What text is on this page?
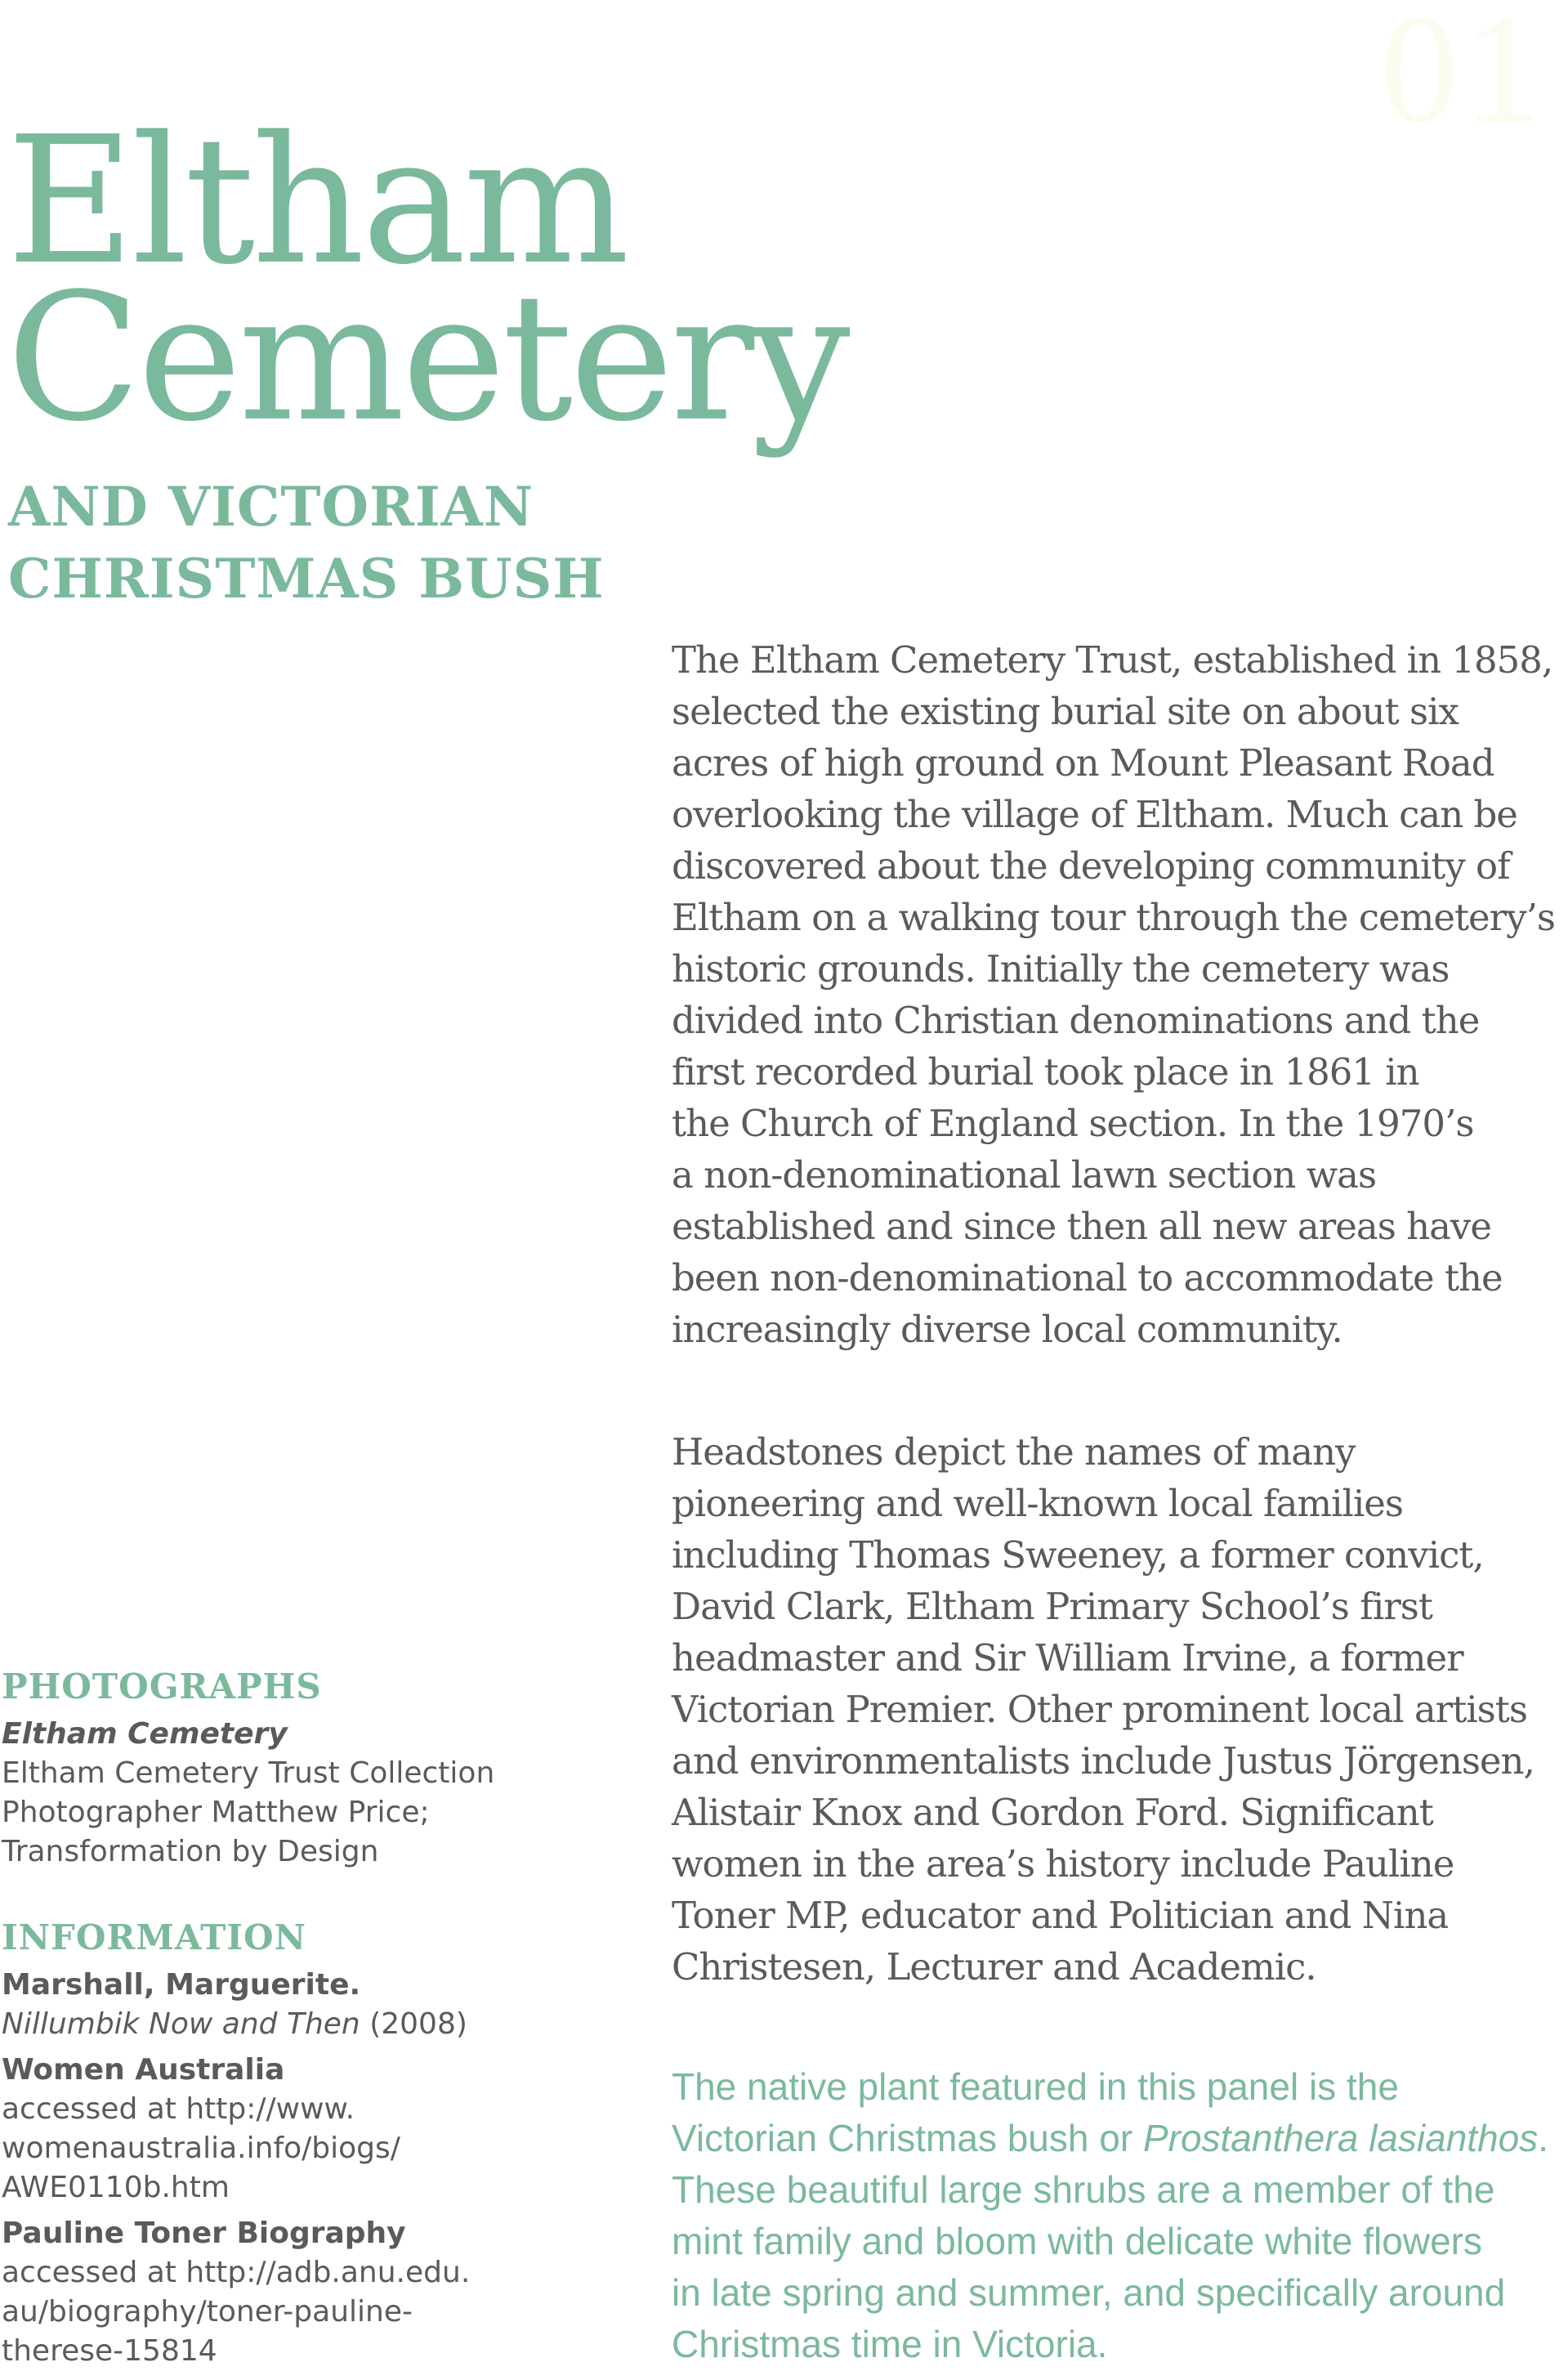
01
Eltham
Cemetery
AND VICTORIAN
CHRISTMAS BUSH

The Eltham Cemetery Trust, established in 1858,
selected the existing burial site on about six
acres of high ground on Mount Pleasant Road
overlooking the village of Eltham. Much can be
discovered about the developing community of
Eltham on a walking tour through the cemetery’s
historic grounds. Initially the cemetery was
divided into Christian denominations and the
first recorded burial took place in 1861 in
the Church of England section. In the 1970’s
a non-denominational lawn section was
established and since then all new areas have
been non-denominational to accommodate the
increasingly diverse local community.

Headstones depict the names of many
pioneering and well-known local families
including Thomas Sweeney, a former convict,
David Clark, Eltham Primary School’s first
headmaster and Sir William Irvine, a former
Victorian Premier. Other prominent local artists
and environmentalists include Justus Jörgensen,
Alistair Knox and Gordon Ford. Significant
women in the area’s history include Pauline
Toner MP, educator and Politician and Nina
Christesen, Lecturer and Academic.

The native plant featured in this panel is the
Victorian Christmas bush or Prostanthera lasianthos.
These beautiful large shrubs are a member of the
mint family and bloom with delicate white flowers
in late spring and summer, and specifically around
Christmas time in Victoria.

PHOTOGRAPHS
Eltham Cemetery
Eltham Cemetery Trust Collection
Photographer Matthew Price;
Transformation by Design
INFORMATION
Marshall, Marguerite.
Nillumbik Now and Then (2008)
Women Australia
accessed at http://www.
womenaustralia.info/biogs/
AWE0110b.htm
Pauline Toner Biography
accessed at http://adb.anu.edu.
au/biography/toner-pauline-
therese-15814
